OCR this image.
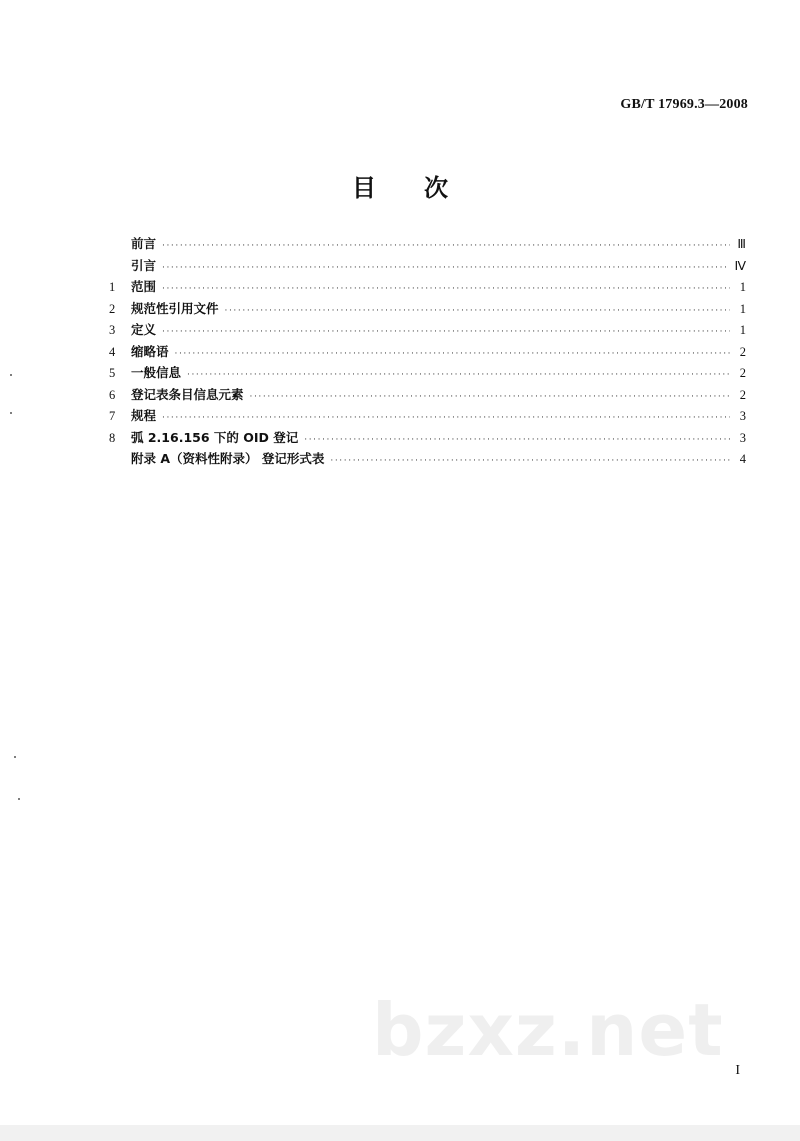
GB/T 17969.3—2008
目次
前言 ·····	Ⅲ
引言 ·····	Ⅳ
1	范围 ·····	1
2	规范性引用文件 ·····	1
3	定义 ·····	1
4	缩略语 ·····	2
5	一般信息 ·····	2
6	登记表条目信息元素 ·····	2
7	规程 ·····	3
8	弧 2.16.156 下的 OID 登记 ·····	3
附录 A（资料性附录） 登记形式表 ·····	4
bzxz.net I
